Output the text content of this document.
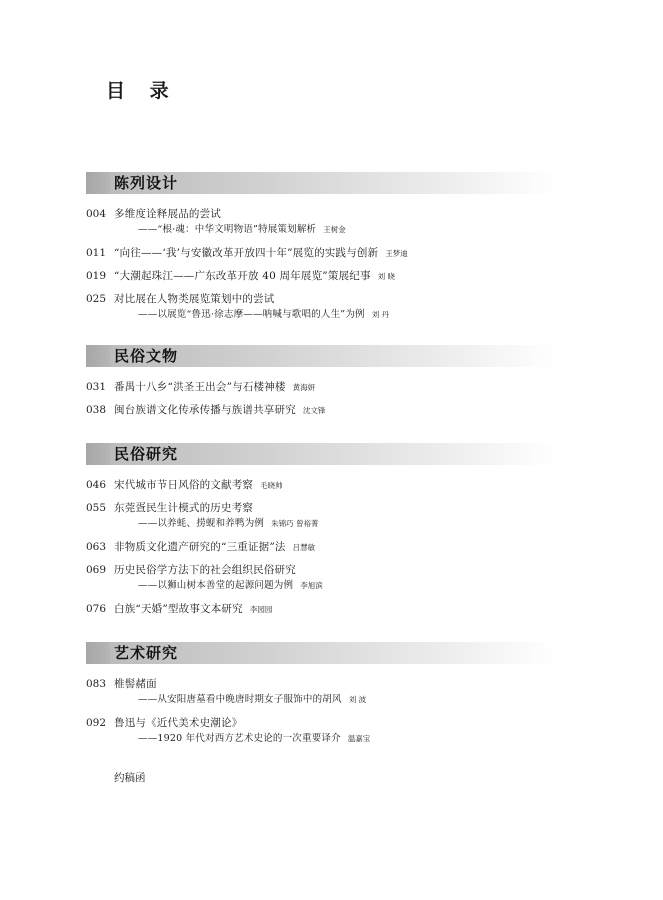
目 录
陈列设计
004 多维度诠释展品的尝试
——“根·魂：中华文明物语”特展策划解析 王树金
011 “向往——‘我’与安徽改革开放四十年”展览的实践与创新 王梦迪
019 “大潮起珠江——广东改革开放 40 周年展览”策展纪事 刘 晓
025 对比展在人物类展览策划中的尝试
——以展览“鲁迅·徐志摩——呐喊与歌唱的人生”为例 刘 丹
民俗文物
031 番禺十八乡“洪圣王出会”与石楼神楼 黄海妍
038 闽台族谱文化传承传播与族谱共享研究 沈文锋
民俗研究
046 宋代城市节日风俗的文献考察 毛晓帅
055 东莞疍民生计模式的历史考察
——以养蚝、捞蚬和养鸭为例 朱锦巧 曾裕菁
063 非物质文化遗产研究的“三重证据”法 吕慧敏
069 历史民俗学方法下的社会组织民俗研究
——以狮山树本善堂的起源问题为例 李旭滨
076 白族“天婚”型故事文本研究 李园园
艺术研究
083 椎髻赭面
——从安阳唐墓看中晚唐时期女子服饰中的胡风 刘 波
092 鲁迅与《近代美术史潮论》
——1920 年代对西方艺术史论的一次重要译介 温嘉宝
约稿函
